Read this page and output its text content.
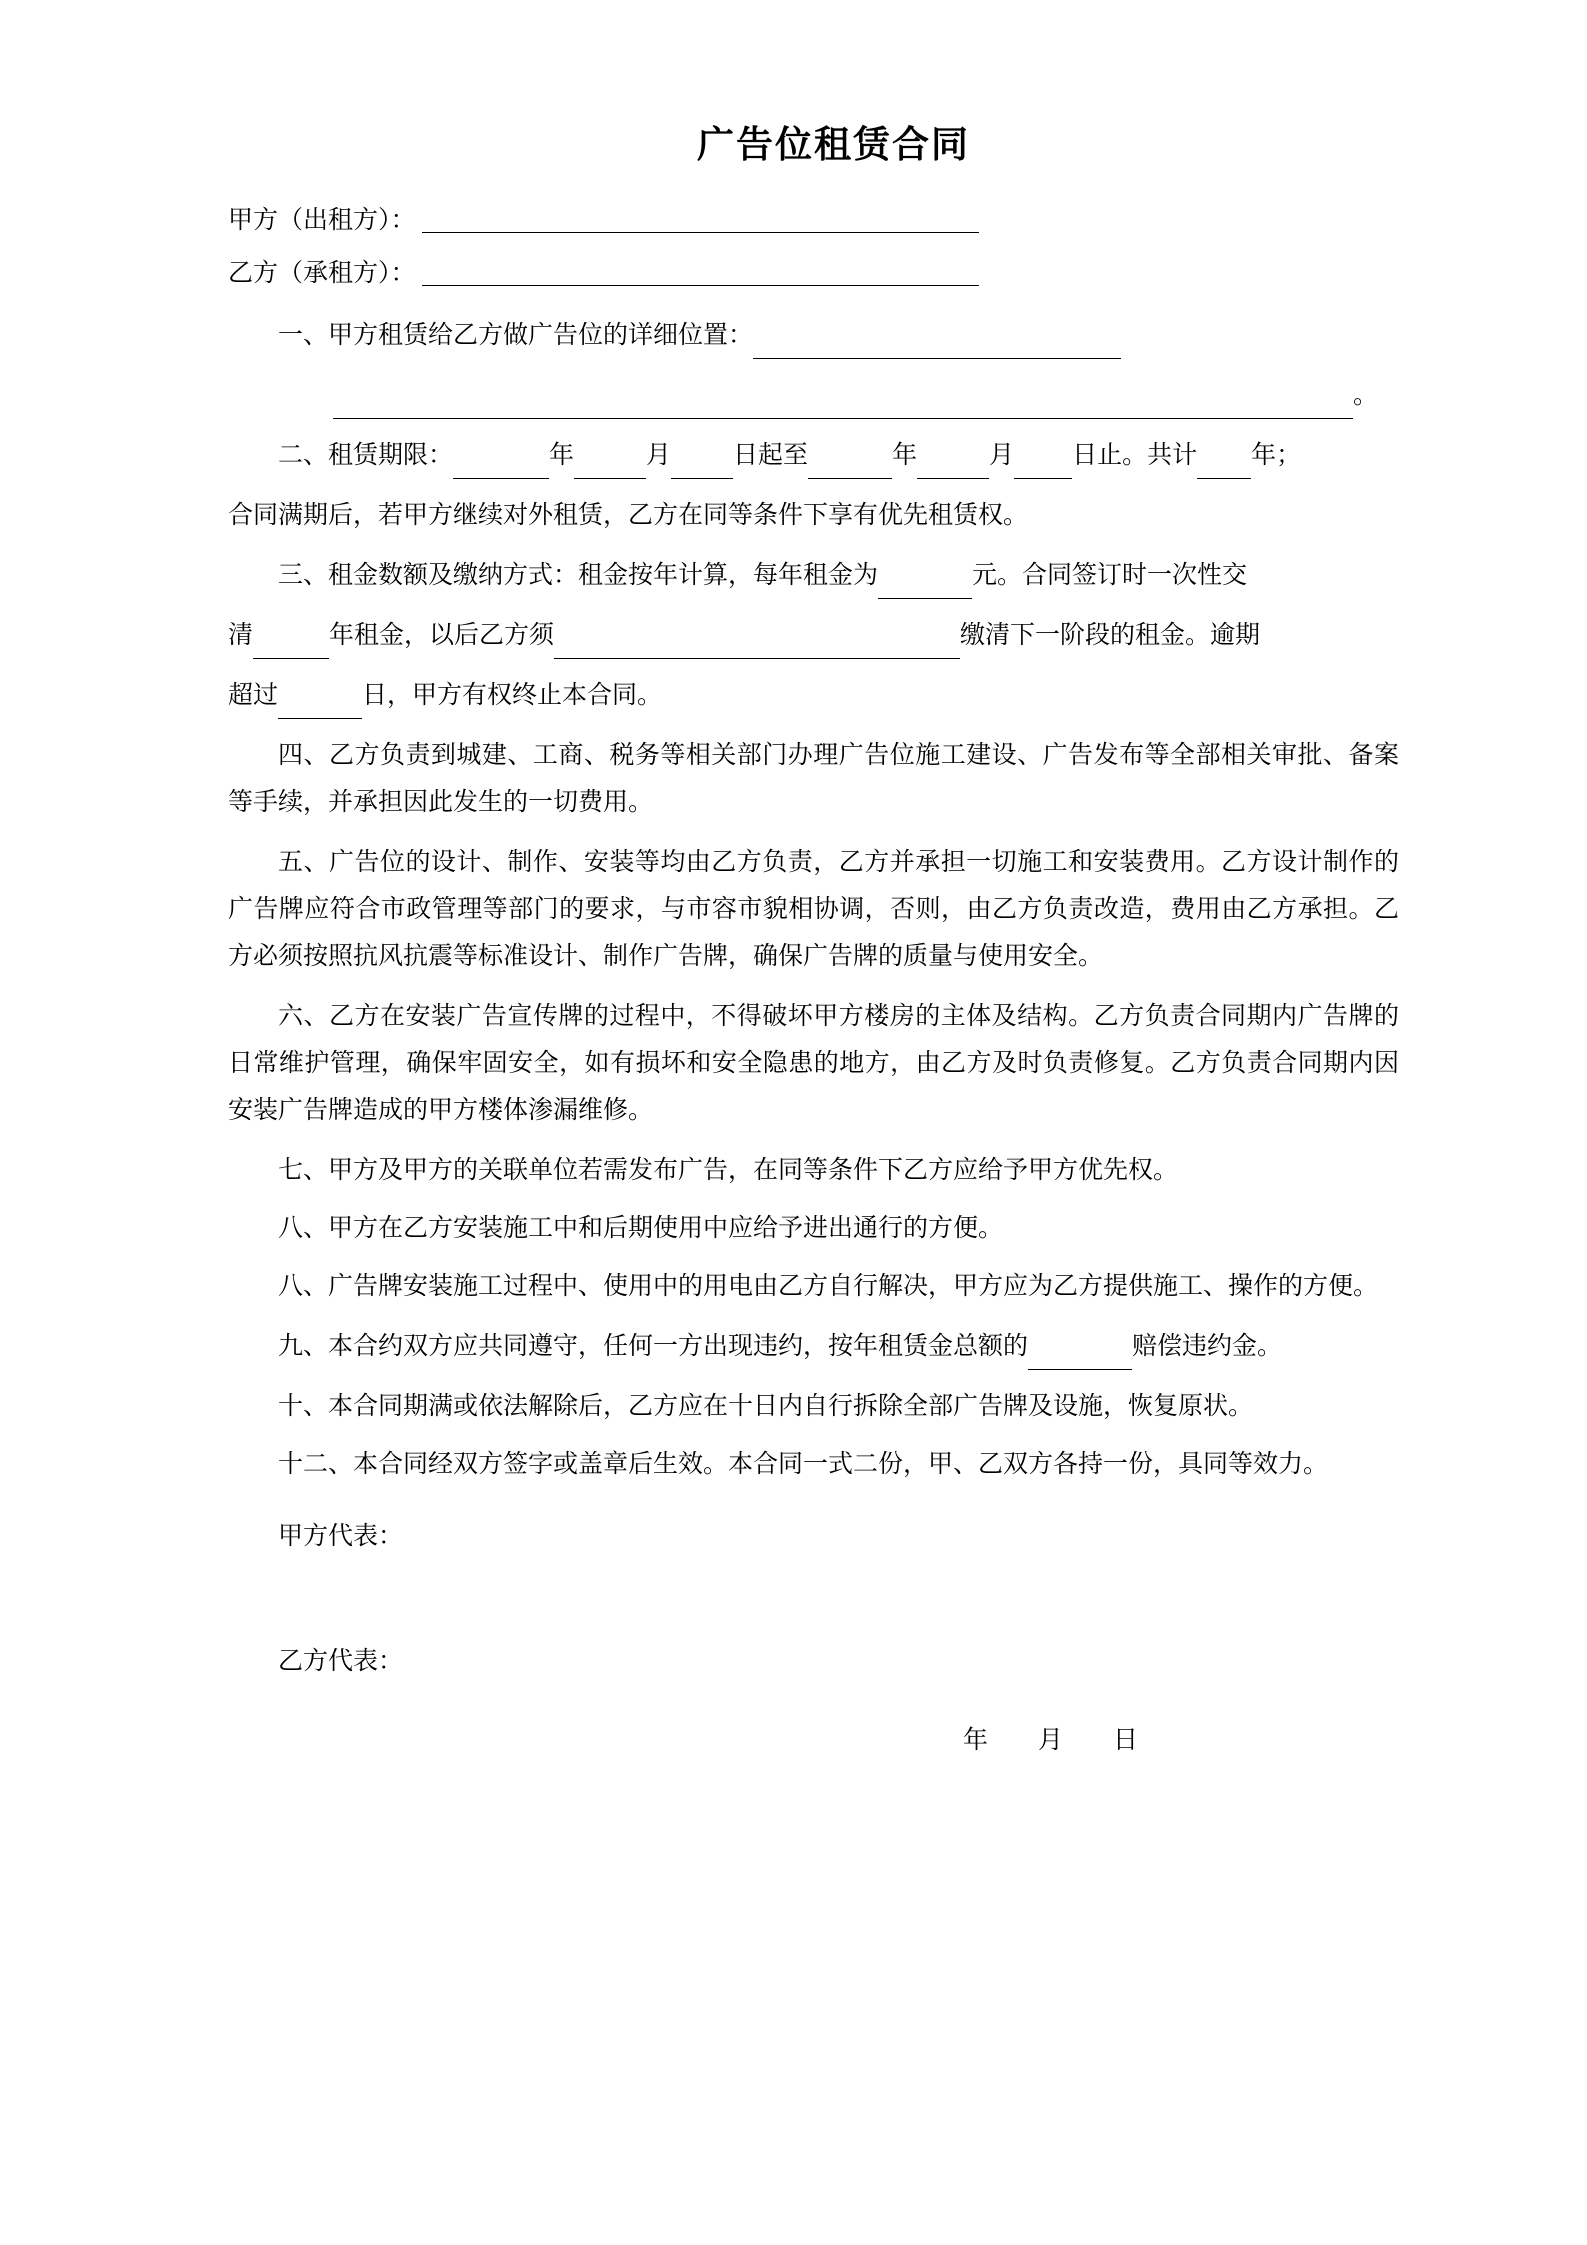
广告位租赁合同
甲方（出租方）：
乙方（承租方）：

一、甲方租赁给乙方做广告位的详细位置：

。

二、租赁期限：	年	月 日起至	年	月 日止。共计 年；

合同满期后，若甲方继续对外租赁，乙方在同等条件下享有优先租赁权。

三、租金数额及缴纳方式：租金按年计算，每年租金为	元。合同签订时一次性交

清	年租金，以后乙方须	缴清下一阶段的租金。逾期

超过	日，甲方有权终止本合同。

四、乙方负责到城建、工商、税务等相关部门办理广告位施工建设、广告发布等全部相关审批、备案等手续，并承担因此发生的一切费用。

五、广告位的设计、制作、安装等均由乙方负责，乙方并承担一切施工和安装费用。乙方设计制作的广告牌应符合市政管理等部门的要求，与市容市貌相协调，否则，由乙方负责改造，费用由乙方承担。乙方必须按照抗风抗震等标准设计、制作广告牌，确保广告牌的质量与使用安全。

六、乙方在安装广告宣传牌的过程中，不得破坏甲方楼房的主体及结构。乙方负责合同期内广告牌的日常维护管理，确保牢固安全，如有损坏和安全隐患的地方，由乙方及时负责修复。乙方负责合同期内因安装广告牌造成的甲方楼体渗漏维修。

七、甲方及甲方的关联单位若需发布广告，在同等条件下乙方应给予甲方优先权。

八、甲方在乙方安装施工中和后期使用中应给予进出通行的方便。

八、广告牌安装施工过程中、使用中的用电由乙方自行解决，甲方应为乙方提供施工、操作的方便。

九、本合约双方应共同遵守，任何一方出现违约，按年租赁金总额的	赔偿违约金。

十、本合同期满或依法解除后，乙方应在十日内自行拆除全部广告牌及设施，恢复原状。

十二、本合同经双方签字或盖章后生效。本合同一式二份，甲、乙双方各持一份，具同等效力。

甲方代表：

乙方代表：

年        月        日
